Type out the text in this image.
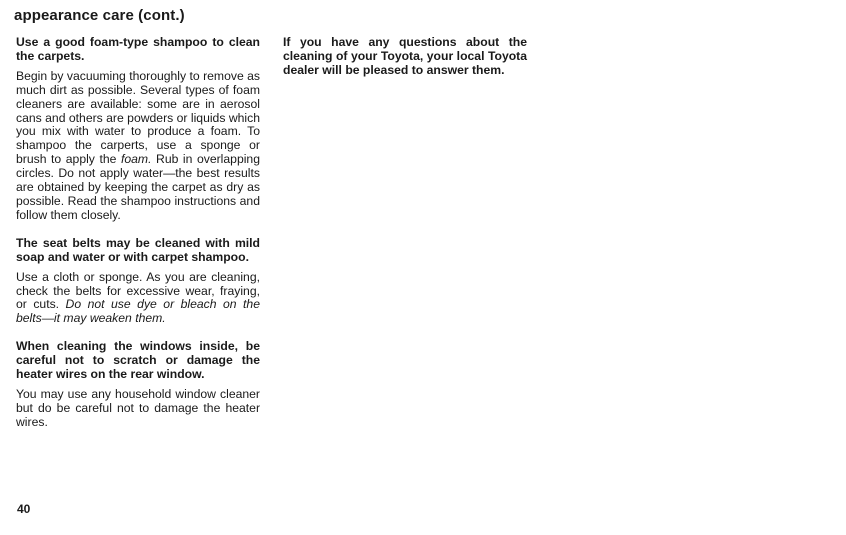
appearance care (cont.)

Use a good foam-type shampoo to clean the carpets.

Begin by vacuuming thoroughly to remove as much dirt as possible. Several types of foam cleaners are available: some are in aerosol cans and others are powders or liquids which you mix with water to produce a foam. To shampoo the carperts, use a sponge or brush to apply the foam. Rub in overlapping circles. Do not apply water—the best results are obtained by keeping the carpet as dry as possible. Read the shampoo instructions and follow them closely.

The seat belts may be cleaned with mild soap and water or with carpet shampoo.

Use a cloth or sponge. As you are cleaning, check the belts for excessive wear, fraying, or cuts. Do not use dye or bleach on the belts—it may weaken them.

When cleaning the windows inside, be careful not to scratch or damage the heater wires on the rear window.

You may use any household window cleaner but do be careful not to damage the heater wires.

If you have any questions about the cleaning of your Toyota, your local Toyota dealer will be pleased to answer them.

40
